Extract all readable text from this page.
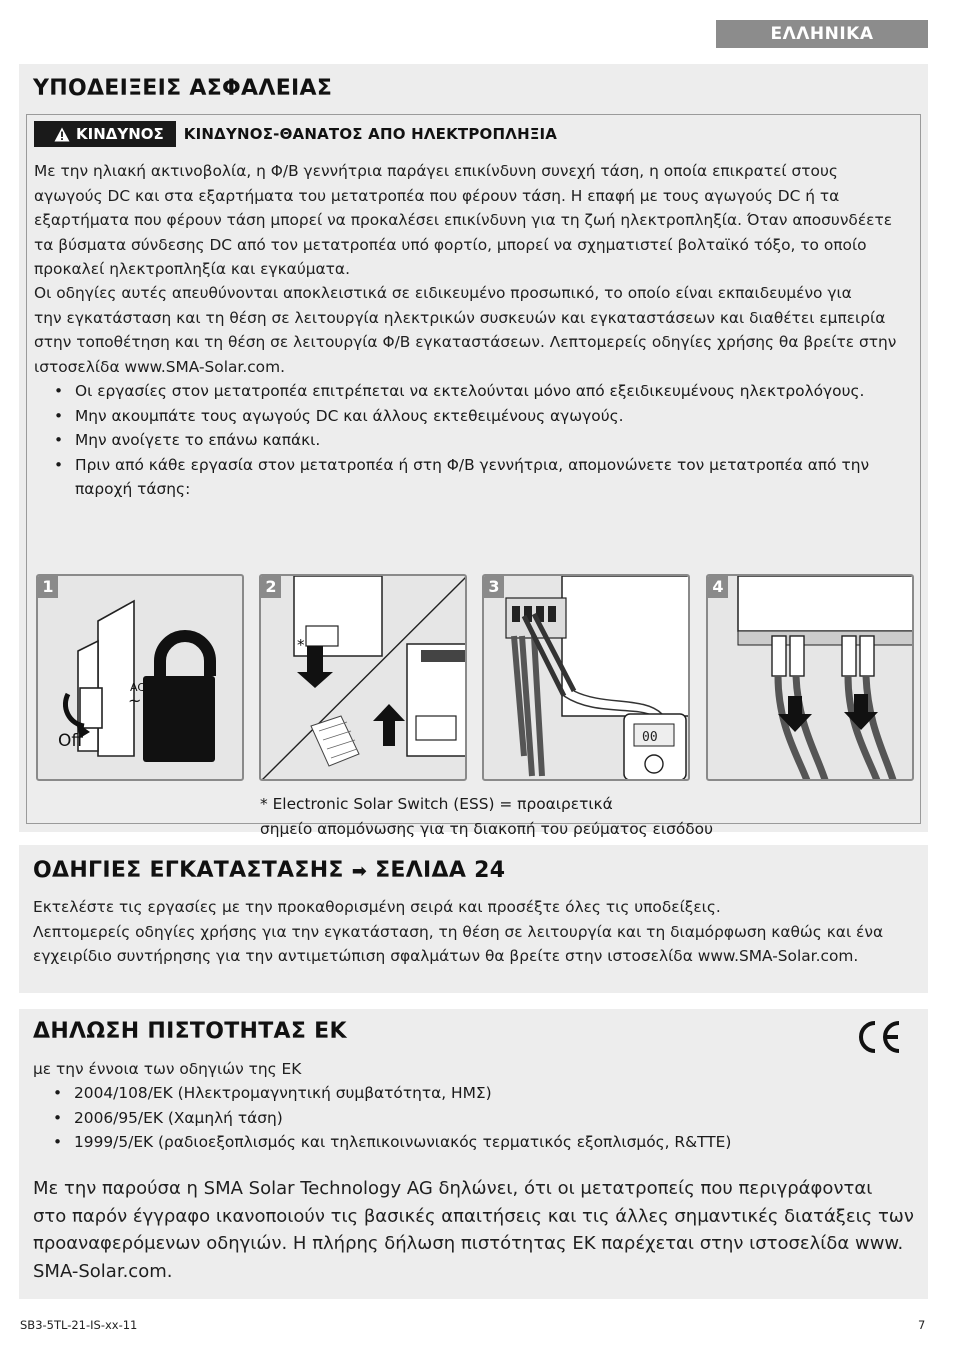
ΕΛΛΗΝΙΚΑ
ΥΠΟΔΕΙΞΕΙΣ ΑΣΦΑΛΕΙΑΣ
ΚΙΝΔΥΝΟΣ ΚΙΝΔΥΝΟΣ-ΘΑΝΑΤΟΣ ΑΠΟ ΗΛΕΚΤΡΟΠΛΗΞΙΑ
Με την ηλιακή ακτινοβολία, η Φ/Β γεννήτρια παράγει επικίνδυνη συνεχή τάση, η οποία επικρατεί στους
αγωγούς DC και στα εξαρτήματα του μετατροπέα που φέρουν τάση. Η επαφή με τους αγωγούς DC ή τα
εξαρτήματα που φέρουν τάση μπορεί να προκαλέσει επικίνδυνη για τη ζωή ηλεκτροπληξία. Όταν αποσυνδέετε
τα βύσματα σύνδεσης DC από τον μετατροπέα υπό φορτίο, μπορεί να σχηματιστεί βολταϊκό τόξο, το οποίο
προκαλεί ηλεκτροπληξία και εγκαύματα.
Οι οδηγίες αυτές απευθύνονται αποκλειστικά σε ειδικευμένο προσωπικό, το οποίο είναι εκπαιδευμένο για
την εγκατάσταση και τη θέση σε λειτουργία ηλεκτρικών συσκευών και εγκαταστάσεων και διαθέτει εμπειρία
στην τοποθέτηση και τη θέση σε λειτουργία Φ/Β εγκαταστάσεων. Λεπτομερείς οδηγίες χρήσης θα βρείτε στην
ιστοσελίδα www.SMA-Solar.com.
• Οι εργασίες στον μετατροπέα επιτρέπεται να εκτελούνται μόνο από εξειδικευμένους ηλεκτρολόγους.
• Μην ακουμπάτε τους αγωγούς DC και άλλους εκτεθειμένους αγωγούς.
• Μην ανοίγετε το επάνω καπάκι.
• Πριν από κάθε εργασία στον μετατροπέα ή στη Φ/Β γεννήτρια, απομονώνετε τον μετατροπέα από την
παροχή τάσης:
1
AC
~
Off
2
*
3
00
4
* Electronic Solar Switch (ESS) = προαιρετικά
σημείο απομόνωσης για τη διακοπή του ρεύματος εισόδου
ΟΔΗΓΙΕΣ ΕΓΚΑΤΑΣΤΑΣΗΣ ➡ ΣΕΛΙΔΑ 24
Εκτελέστε τις εργασίες με την προκαθορισμένη σειρά και προσέξτε όλες τις υποδείξεις.
Λεπτομερείς οδηγίες χρήσης για την εγκατάσταση, τη θέση σε λειτουργία και τη διαμόρφωση καθώς και ένα
εγχειρίδιο συντήρησης για την αντιμετώπιση σφαλμάτων θα βρείτε στην ιστοσελίδα www.SMA-Solar.com.
ΔΗΛΩΣΗ ΠΙΣΤΟΤΗΤΑΣ ΕΚ
με την έννοια των οδηγιών της ΕΚ
• 2004/108/ΕΚ (Ηλεκτρομαγνητική συμβατότητα, ΗΜΣ)
• 2006/95/ΕΚ (Χαμηλή τάση)
• 1999/5/ΕΚ (ραδιοεξοπλισμός και τηλεπικοινωνιακός τερματικός εξοπλισμός, R&TTE)
Με την παρούσα η SMA Solar Technology AG δηλώνει, ότι οι μετατροπείς που περιγράφονται
στο παρόν έγγραφο ικανοποιούν τις βασικές απαιτήσεις και τις άλλες σημαντικές διατάξεις των
προαναφερόμενων οδηγιών. Η πλήρης δήλωση πιστότητας ΕΚ παρέχεται στην ιστοσελίδα www.
SMA-Solar.com.
SB3-5TL-21-IS-xx-11	7
